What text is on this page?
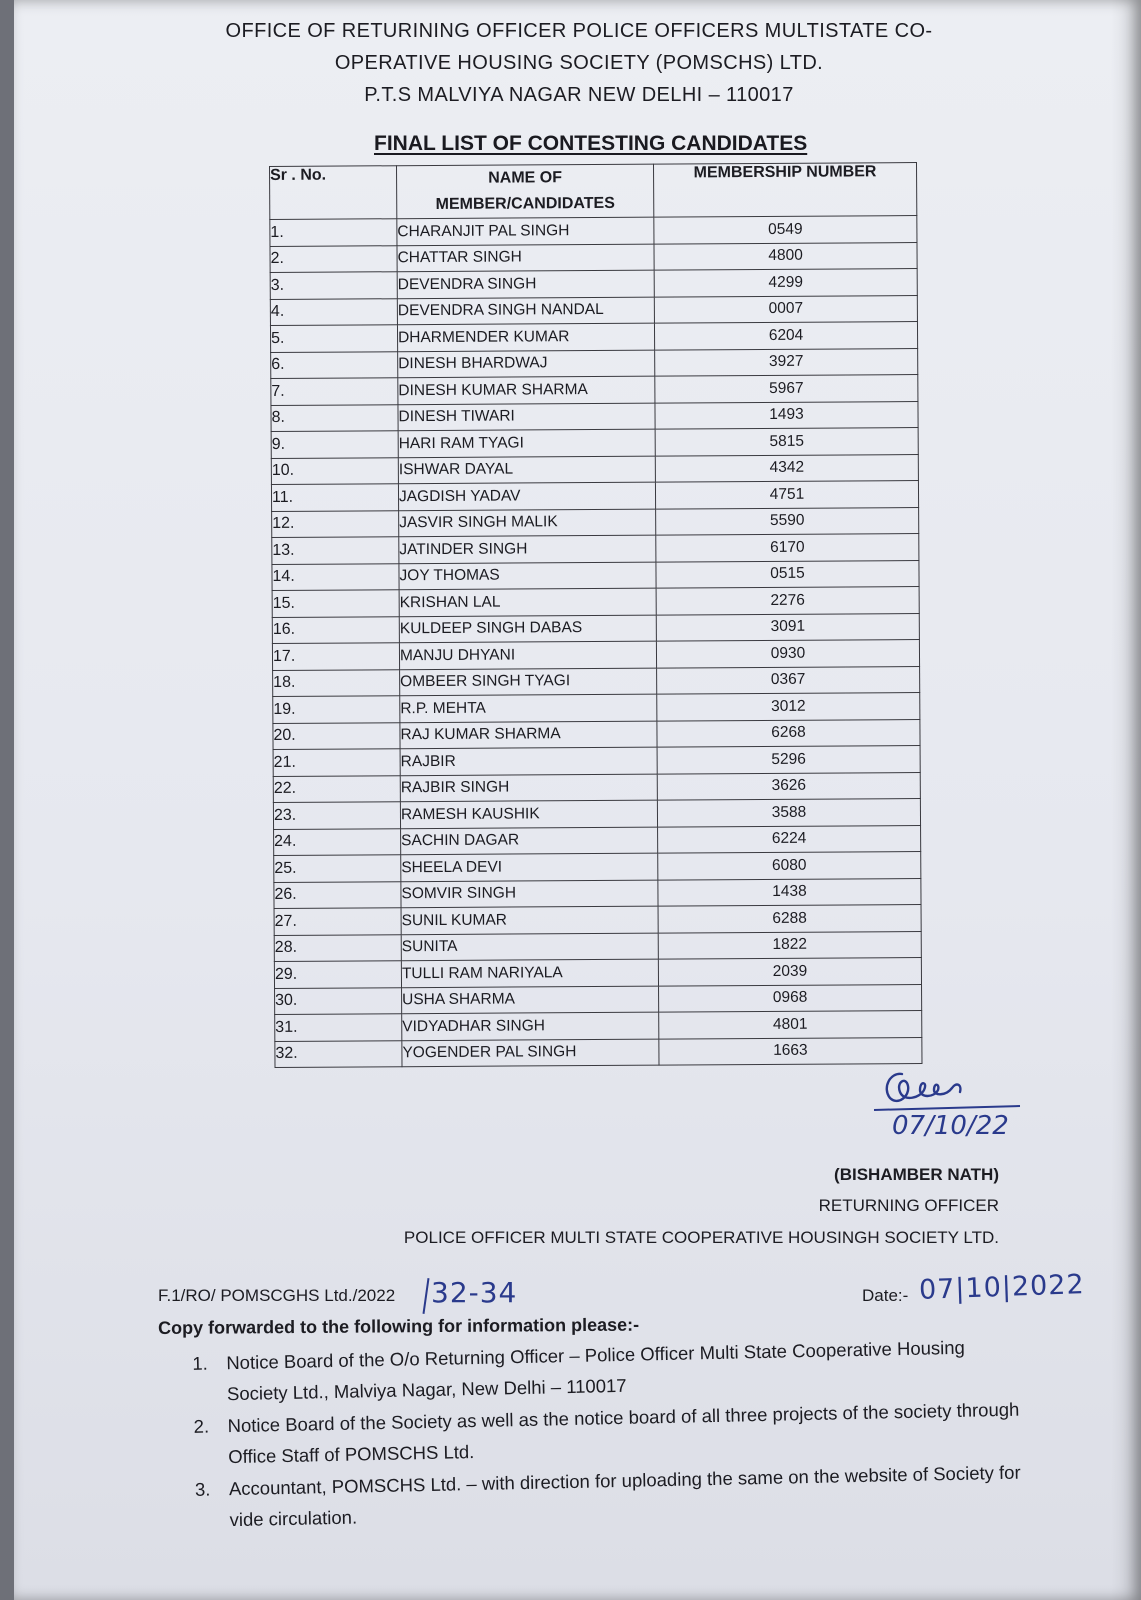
OFFICE OF RETURINING OFFICER POLICE OFFICERS MULTISTATE CO-
OPERATIVE HOUSING SOCIETY (POMSCHS) LTD.
P.T.S MALVIYA NAGAR NEW DELHI – 110017
FINAL LIST OF CONTESTING CANDIDATES
Sr . No.	NAME OF MEMBER/CANDIDATES	MEMBERSHIP NUMBER
1.	CHARANJIT PAL SINGH	0549
2.	CHATTAR SINGH	4800
3.	DEVENDRA SINGH	4299
4.	DEVENDRA SINGH NANDAL	0007
5.	DHARMENDER KUMAR	6204
6.	DINESH BHARDWAJ	3927
7.	DINESH KUMAR SHARMA	5967
8.	DINESH TIWARI	1493
9.	HARI RAM TYAGI	5815
10.	ISHWAR DAYAL	4342
11.	JAGDISH YADAV	4751
12.	JASVIR SINGH MALIK	5590
13.	JATINDER SINGH	6170
14.	JOY THOMAS	0515
15.	KRISHAN LAL	2276
16.	KULDEEP SINGH DABAS	3091
17.	MANJU DHYANI	0930
18.	OMBEER SINGH TYAGI	0367
19.	R.P. MEHTA	3012
20.	RAJ KUMAR SHARMA	6268
21.	RAJBIR	5296
22.	RAJBIR SINGH	3626
23.	RAMESH KAUSHIK	3588
24.	SACHIN DAGAR	6224
25.	SHEELA DEVI	6080
26.	SOMVIR SINGH	1438
27.	SUNIL KUMAR	6288
28.	SUNITA	1822
29.	TULLI RAM NARIYALA	2039
30.	USHA SHARMA	0968
31.	VIDYADHAR SINGH	4801
32.	YOGENDER PAL SINGH	1663
07/10/22
(BISHAMBER NATH)
RETURNING OFFICER
POLICE OFFICER MULTI STATE COOPERATIVE HOUSINGH SOCIETY LTD.
F.1/RO/ POMSCGHS Ltd./2022 32-34	Date:- 07|10|2022
Copy forwarded to the following for information please:-
1. Notice Board of the O/o Returning Officer – Police Officer Multi State Cooperative Housing Society Ltd., Malviya Nagar, New Delhi – 110017
2. Notice Board of the Society as well as the notice board of all three projects of the society through Office Staff of POMSCHS Ltd.
3. Accountant, POMSCHS Ltd. – with direction for uploading the same on the website of Society for vide circulation.
